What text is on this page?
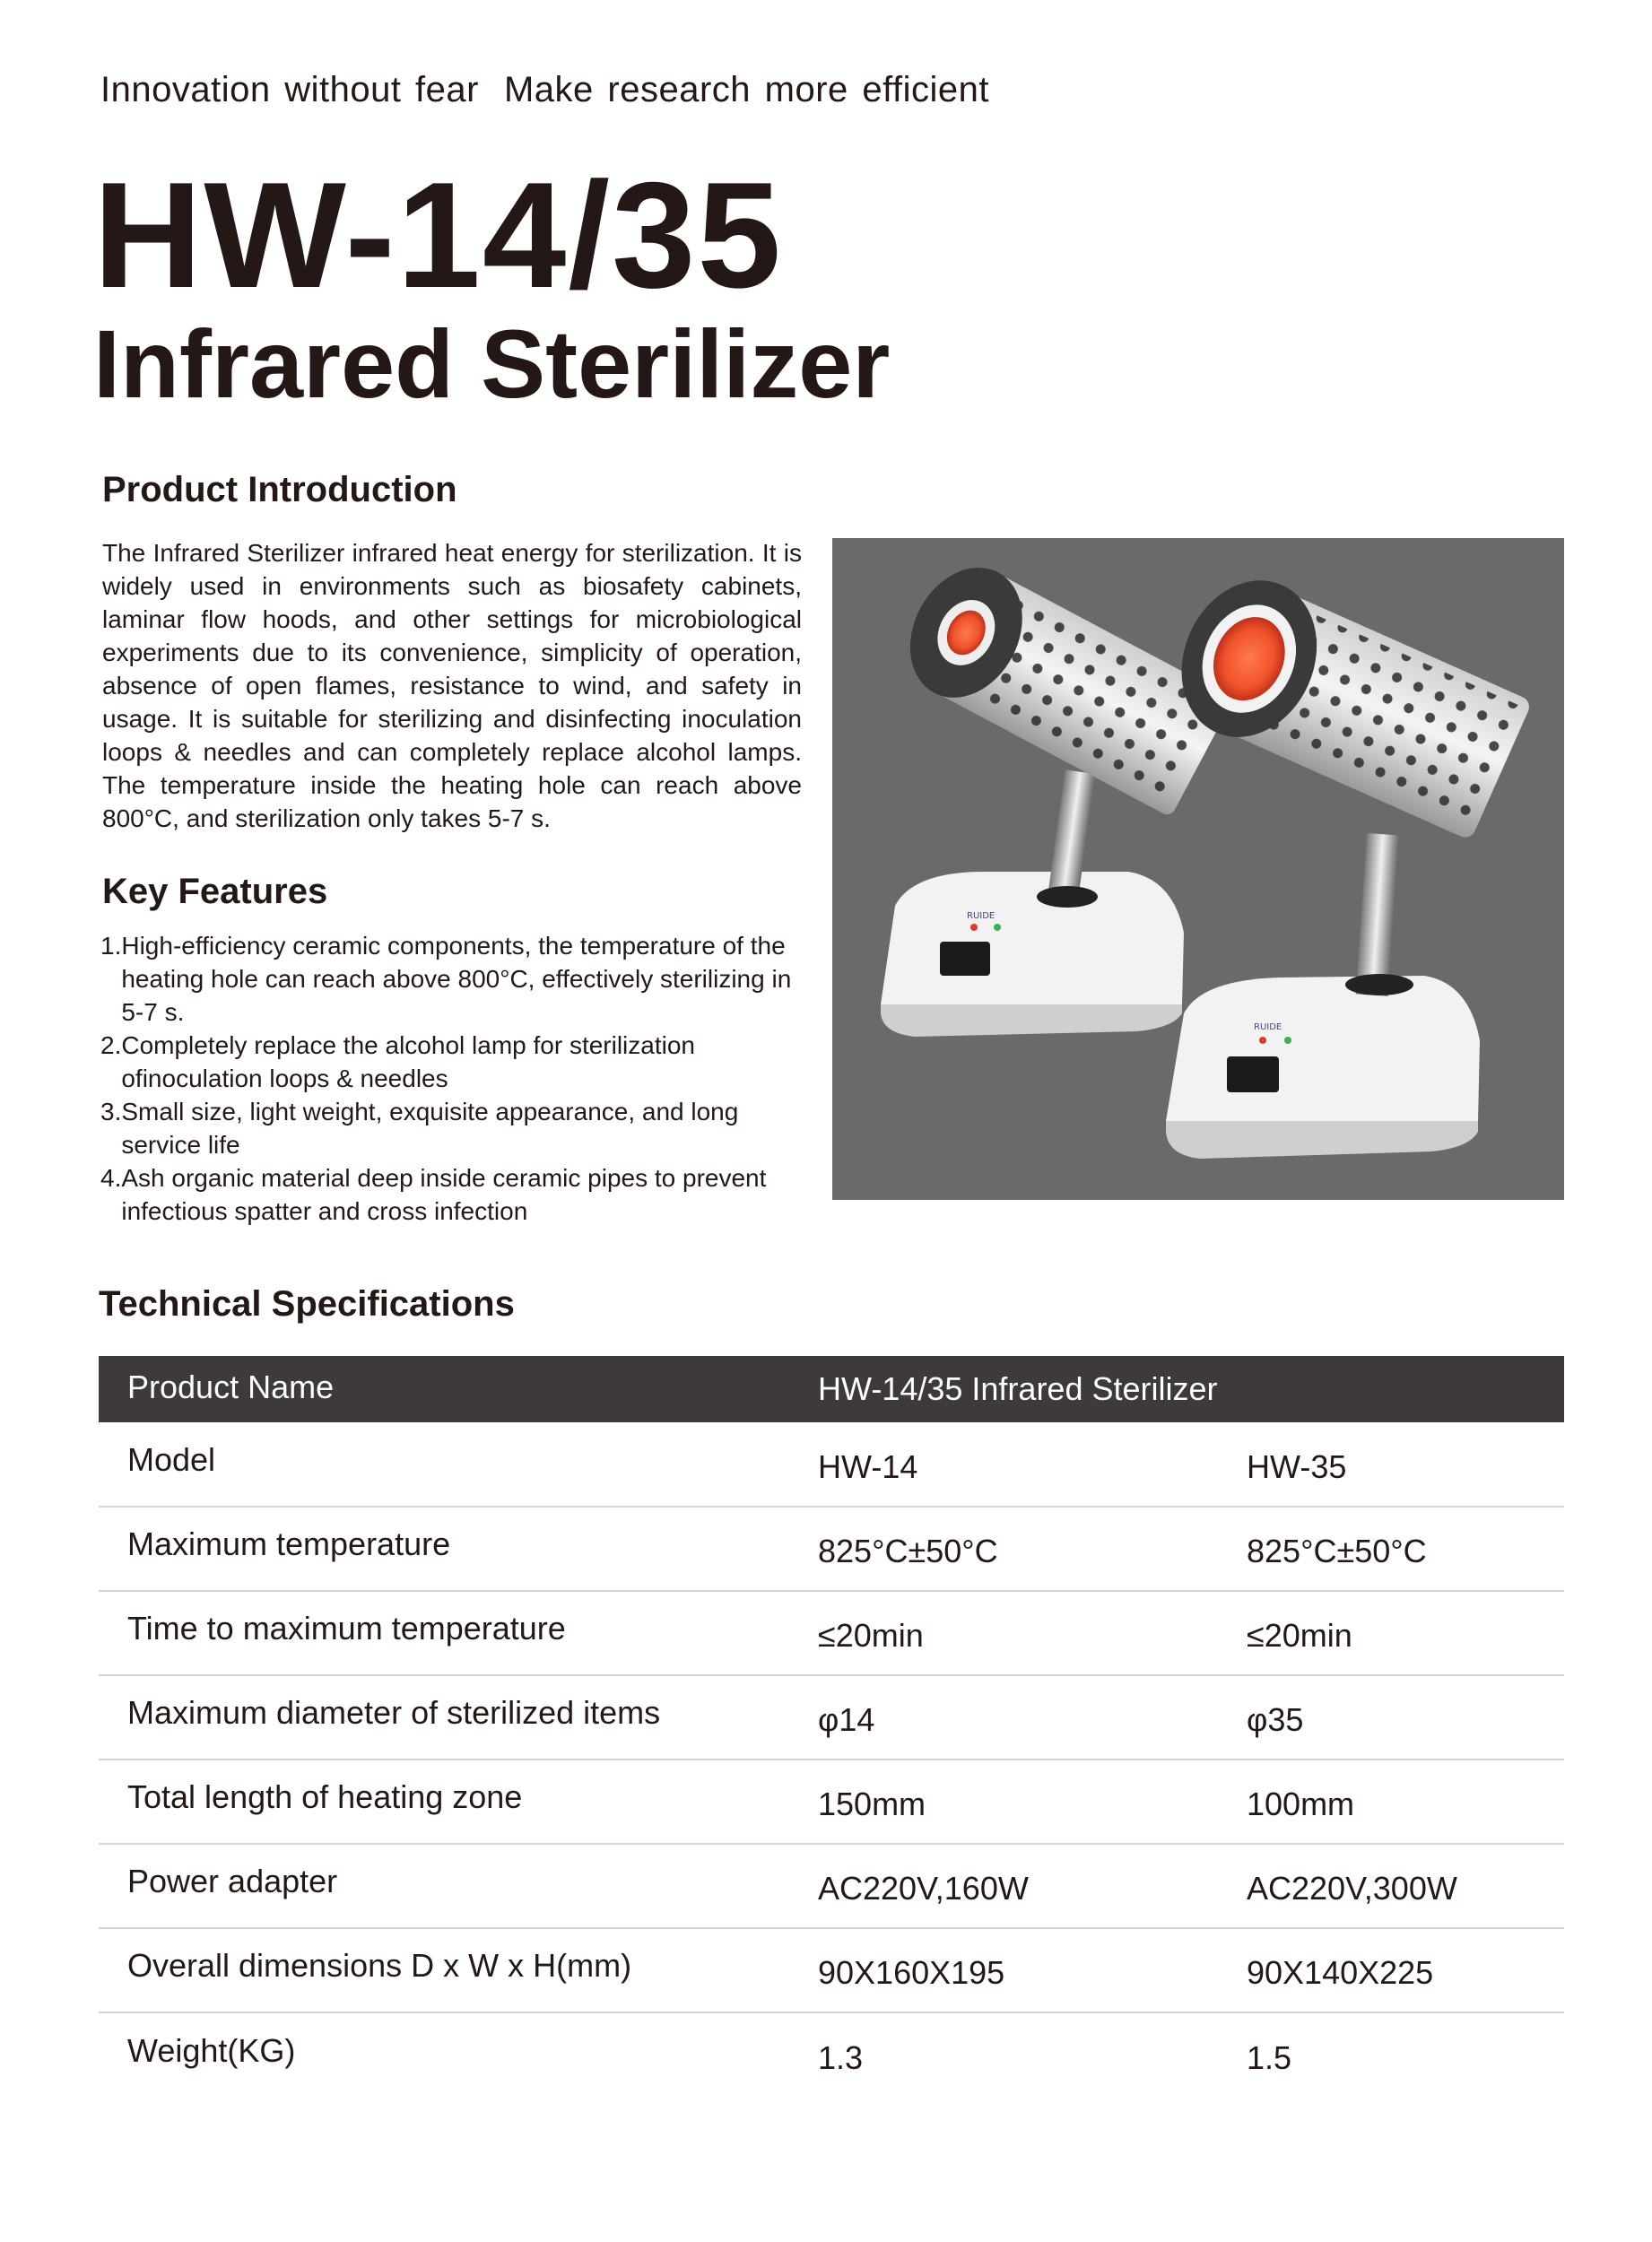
Innovation without fear Make research more efficient
HW-14/35
Infrared Sterilizer
Product Introduction

The Infrared Sterilizer infrared heat energy for sterilization. It is widely used in environments such as biosafety cabinets, laminar flow hoods, and other settings for microbiological experiments due to its convenience, simplicity of operation, absence of open flames, resistance to wind, and safety in usage. It is suitable for sterilizing and disinfecting inoculation loops & needles and can completely replace alcohol lamps. The temperature inside the heating hole can reach above 800°C, and sterilization only takes 5-7 s.

Key Features
1. High-efficiency ceramic components, the temperature of the heating hole can reach above 800°C, effectively sterilizing in 5-7 s.
2. Completely replace the alcohol lamp for sterilization ofinoculation loops & needles
3. Small size, light weight, exquisite appearance, and long service life
4. Ash organic material deep inside ceramic pipes to prevent infectious spatter and cross infection
RUIDE
RUIDE
Technical Specifications
Product Name	HW-14/35 Infrared Sterilizer	
Model	HW-14	HW-35
Maximum temperature	825°C±50°C	825°C±50°C
Time to maximum temperature	≤20min	≤20min
Maximum diameter of sterilized items	φ14	φ35
Total length of heating zone	150mm	100mm
Power adapter	AC220V,160W	AC220V,300W
Overall dimensions D x W x H(mm)	90X160X195	90X140X225
Weight(KG)	1.3	1.5
